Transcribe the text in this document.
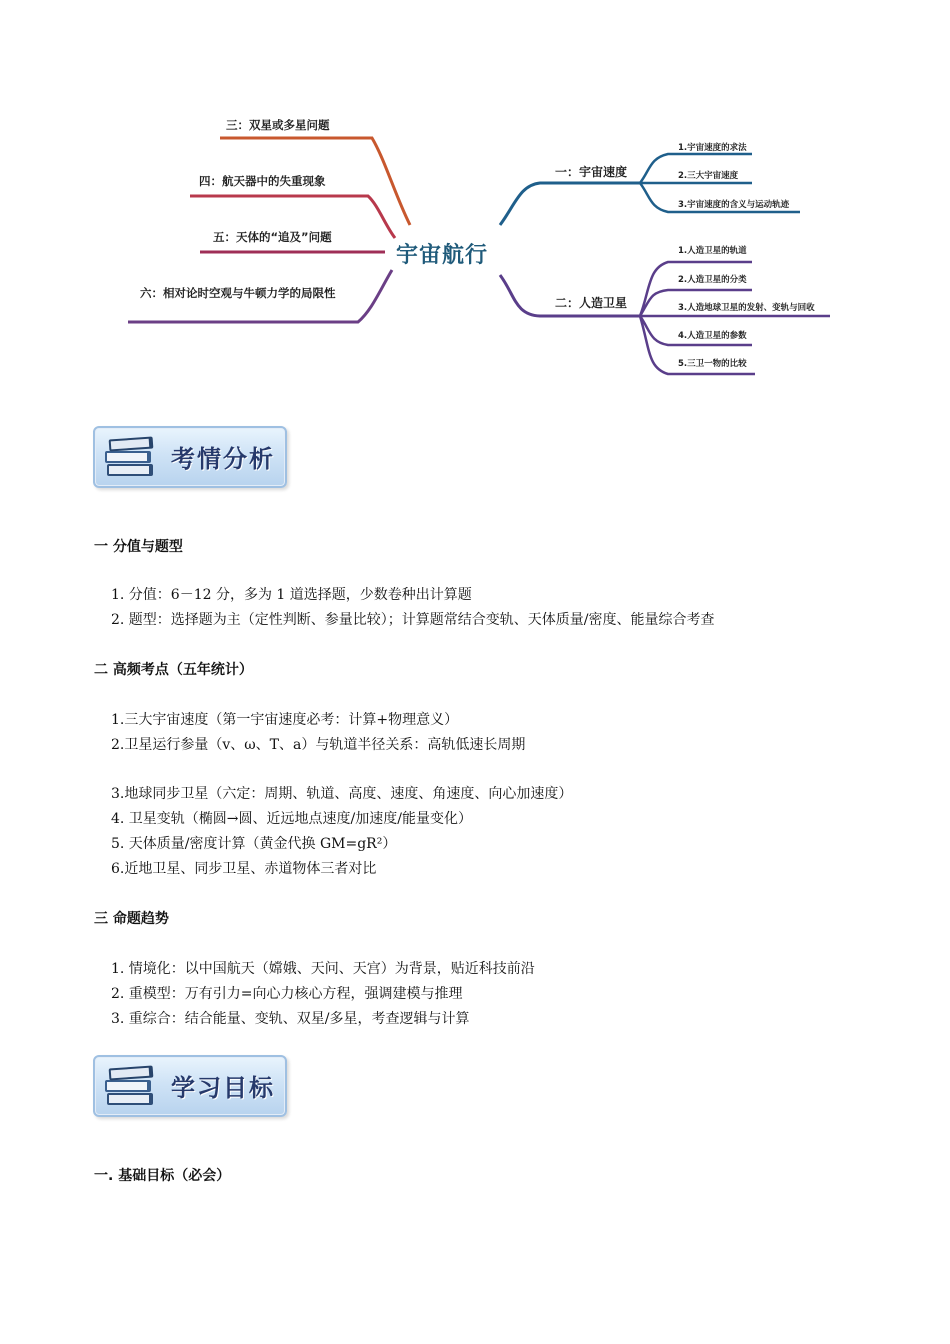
三：双星或多星问题
四：航天器中的失重现象
五：天体的“追及”问题
六：相对论时空观与牛顿力学的局限性
宇宙航行
一：宇宙速度
二：人造卫星
1.宇宙速度的求法
2.三大宇宙速度
3.宇宙速度的含义与运动轨迹
1.人造卫星的轨道
2.人造卫星的分类
3.人造地球卫星的发射、变轨与回收
4.人造卫星的参数
5.三卫一物的比较
考情分析
一 分值与题型
1. 分值：6－12 分，多为 1 道选择题，少数卷种出计算题
2. 题型：选择题为主（定性判断、参量比较）；计算题常结合变轨、天体质量/密度、能量综合考查
二 高频考点（五年统计）
1.三大宇宙速度（第一宇宙速度必考：计算+物理意义）
2.卫星运行参量（v、ω、T、a）与轨道半径关系：高轨低速长周期
3.地球同步卫星（六定：周期、轨道、高度、速度、角速度、向心加速度）
4. 卫星变轨（椭圆→圆、近远地点速度/加速度/能量变化）
5. 天体质量/密度计算（黄金代换 GM=gR²）
6.近地卫星、同步卫星、赤道物体三者对比
三 命题趋势
1. 情境化：以中国航天（嫦娥、天问、天宫）为背景，贴近科技前沿
2. 重模型：万有引力=向心力核心方程，强调建模与推理
3. 重综合：结合能量、变轨、双星/多星，考查逻辑与计算
学习目标
一. 基础目标（必会）
